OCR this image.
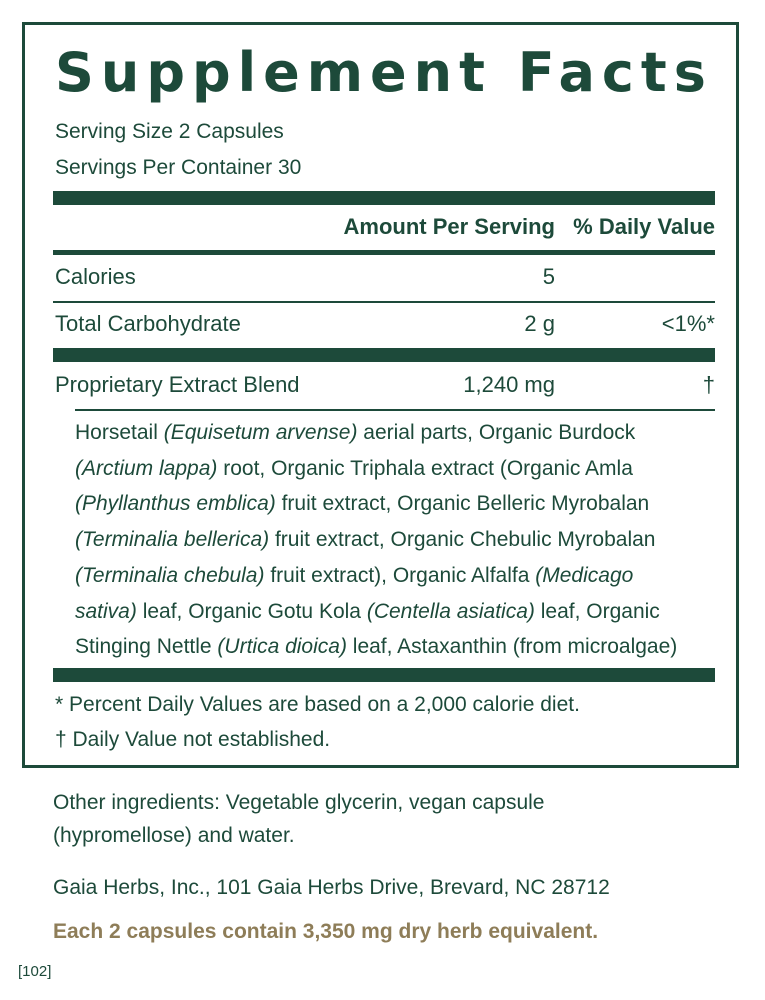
Supplement Facts
Serving Size 2 Capsules
Servings Per Container 30
Amount Per Serving % Daily Value
Calories	5
Total Carbohydrate	2 g	<1%*
Proprietary Extract Blend	1,240 mg	†
Horsetail (Equisetum arvense) aerial parts, Organic Burdock
(Arctium lappa) root, Organic Triphala extract (Organic Amla
(Phyllanthus emblica) fruit extract, Organic Belleric Myrobalan
(Terminalia bellerica) fruit extract, Organic Chebulic Myrobalan
(Terminalia chebula) fruit extract), Organic Alfalfa (Medicago
sativa) leaf, Organic Gotu Kola (Centella asiatica) leaf, Organic
Stinging Nettle (Urtica dioica) leaf, Astaxanthin (from microalgae)
* Percent Daily Values are based on a 2,000 calorie diet.
† Daily Value not established.
Other ingredients: Vegetable glycerin, vegan capsule
(hypromellose) and water.
Gaia Herbs, Inc., 101 Gaia Herbs Drive, Brevard, NC 28712
Each 2 capsules contain 3,350 mg dry herb equivalent.
[102]
